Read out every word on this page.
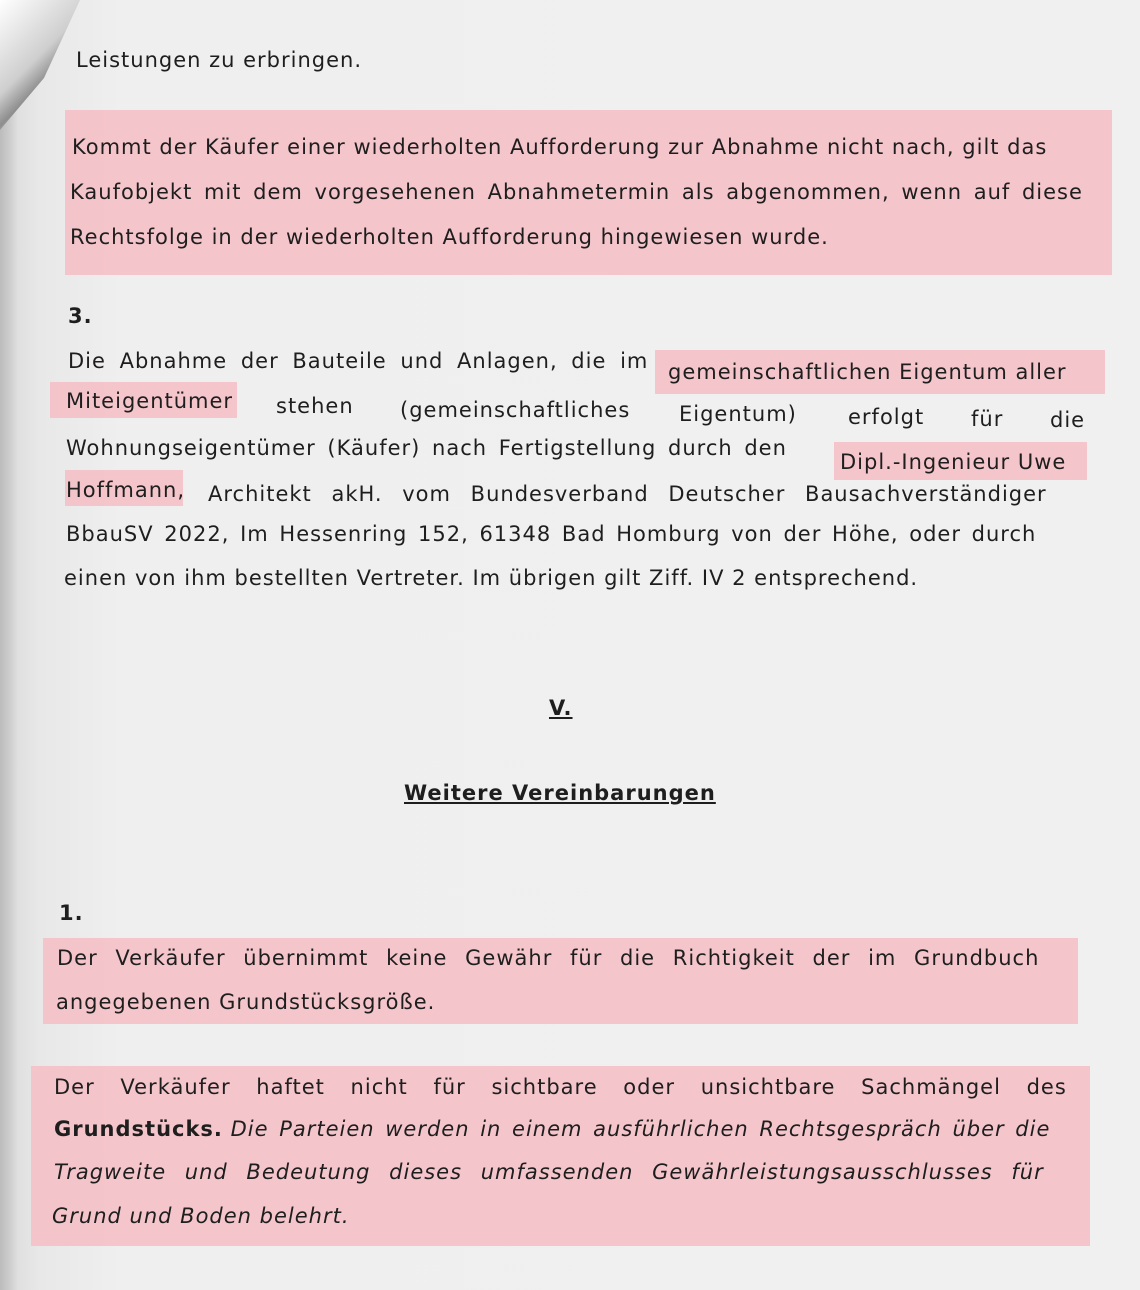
Leistungen zu erbringen.
Kommt der Käufer einer wiederholten Aufforderung zur Abnahme nicht nach, gilt das
Kaufobjekt mit dem vorgesehenen Abnahmetermin als abgenommen, wenn auf diese
Rechtsfolge in der wiederholten Aufforderung hingewiesen wurde.
3.
Die Abnahme der Bauteile und Anlagen, die im gemeinschaftlichen Eigentum aller
Miteigentümer stehen (gemeinschaftliches Eigentum) erfolgt für die
Wohnungseigentümer (Käufer) nach Fertigstellung durch den
Dipl.-Ingenieur Uwe
Hoffmann, Architekt akH. vom Bundesverband Deutscher Bausachverständiger
BbauSV 2022, Im Hessenring 152, 61348 Bad Homburg von der Höhe, oder durch
einen von ihm bestellten Vertreter. Im übrigen gilt Ziff. IV 2 entsprechend.
V.
Weitere Vereinbarungen
1.
Der Verkäufer übernimmt keine Gewähr für die Richtigkeit der im Grundbuch
angegebenen Grundstücksgröße.
Der Verkäufer haftet nicht für sichtbare oder unsichtbare Sachmängel des
Grundstücks. Die Parteien werden in einem ausführlichen Rechtsgespräch über die
Tragweite und Bedeutung dieses umfassenden Gewährleistungsausschlusses für
Grund und Boden belehrt.
